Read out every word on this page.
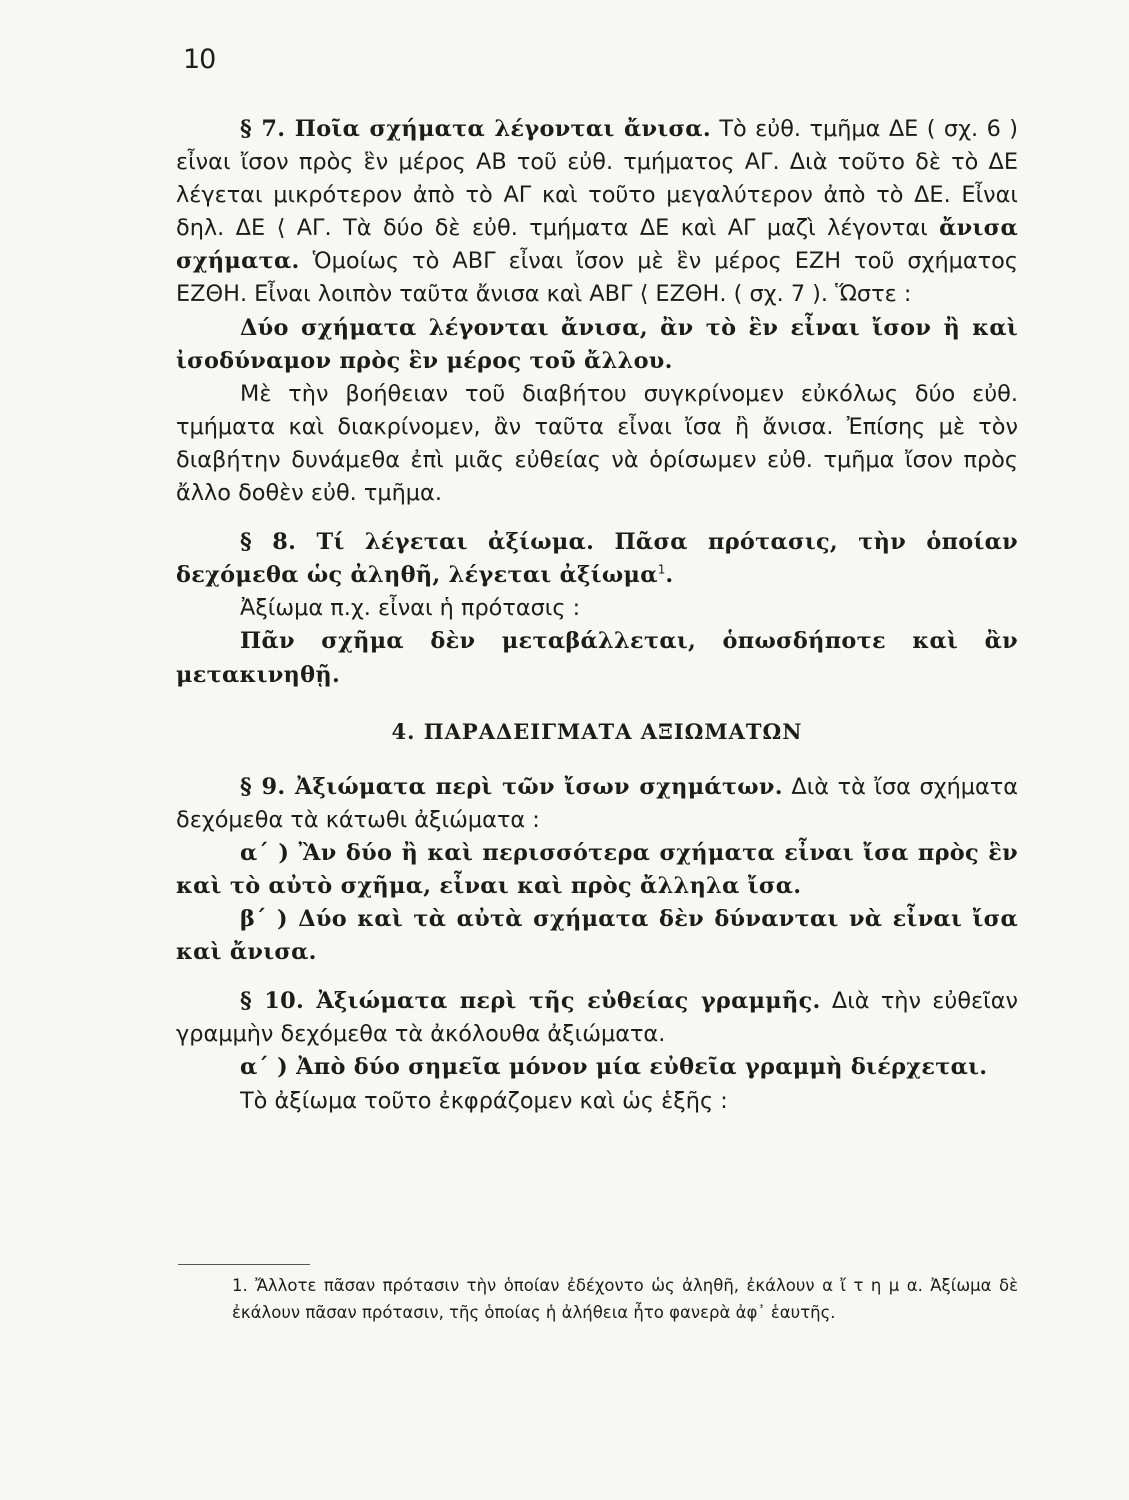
10

§ 7. Ποῖα σχήματα λέγονται ἄνισα. Τὸ εὐθ. τμῆμα ΔΕ ( σχ. 6 ) εἶναι ἴσον πρὸς ἓν μέρος ΑΒ τοῦ εὐθ. τμήματος ΑΓ. Διὰ τοῦτο δὲ τὸ ΔΕ λέγεται μικρότερον ἀπὸ τὸ ΑΓ καὶ τοῦτο μεγαλύτερον ἀπὸ τὸ ΔΕ. Εἶναι δηλ. ΔΕ ⟨ ΑΓ. Τὰ δύο δὲ εὐθ. τμήματα ΔΕ καὶ ΑΓ μαζὶ λέγονται ἄνισα σχήματα. Ὁμοίως τὸ ΑΒΓ εἶναι ἴσον μὲ ἓν μέρος ΕΖΗ τοῦ σχήματος ΕΖΘΗ. Εἶναι λοιπὸν ταῦτα ἄνισα καὶ ΑΒΓ ⟨ ΕΖΘΗ. ( σχ. 7 ). Ὥστε :

Δύο σχήματα λέγονται ἄνισα, ἂν τὸ ἓν εἶναι ἴσον ἢ καὶ ἰσοδύναμον πρὸς ἓν μέρος τοῦ ἄλλου.

Μὲ τὴν βοήθειαν τοῦ διαβήτου συγκρίνομεν εὐκόλως δύο εὐθ. τμήματα καὶ διακρίνομεν, ἂν ταῦτα εἶναι ἴσα ἢ ἄνισα. Ἐπίσης μὲ τὸν διαβήτην δυνάμεθα ἐπὶ μιᾶς εὐθείας νὰ ὁρίσωμεν εὐθ. τμῆμα ἴσον πρὸς ἄλλο δοθὲν εὐθ. τμῆμα.

§ 8. Τί λέγεται ἀξίωμα. Πᾶσα πρότασις, τὴν ὁποίαν δεχόμεθα ὡς ἀληθῆ, λέγεται ἀξίωμα$^1$.

Ἀξίωμα π.χ. εἶναι ἡ πρότασις :

Πᾶν σχῆμα δὲν μεταβάλλεται, ὁπωσδήποτε καὶ ἂν μετακινηθῇ.

4. ΠΑΡΑΔΕΙΓΜΑΤΑ ΑΞΙΩΜΑΤΩΝ

§ 9. Ἀξιώματα περὶ τῶν ἴσων σχημάτων. Διὰ τὰ ἴσα σχήματα δεχόμεθα τὰ κάτωθι ἀξιώματα :

α΄ ) Ἂν δύο ἢ καὶ περισσότερα σχήματα εἶναι ἴσα πρὸς ἓν καὶ τὸ αὐτὸ σχῆμα, εἶναι καὶ πρὸς ἄλληλα ἴσα.

β΄ ) Δύο καὶ τὰ αὐτὰ σχήματα δὲν δύνανται νὰ εἶναι ἴσα καὶ ἄνισα.

§ 10. Ἀξιώματα περὶ τῆς εὐθείας γραμμῆς. Διὰ τὴν εὐθεῖαν γραμμὴν δεχόμεθα τὰ ἀκόλουθα ἀξιώματα.

α΄ ) Ἀπὸ δύο σημεῖα μόνον μία εὐθεῖα γραμμὴ διέρχεται.

Τὸ ἀξίωμα τοῦτο ἐκφράζομεν καὶ ὡς ἑξῆς :

1. Ἄλλοτε πᾶσαν πρότασιν τὴν ὁποίαν ἐδέχοντο ὡς ἀληθῆ, ἐκάλουν α ἴ τ η μ α. Ἀξίωμα δὲ ἐκάλουν πᾶσαν πρότασιν, τῆς ὁποίας ἡ ἀλήθεια ἦτο φανερὰ ἀφ᾽ ἑαυτῆς.
